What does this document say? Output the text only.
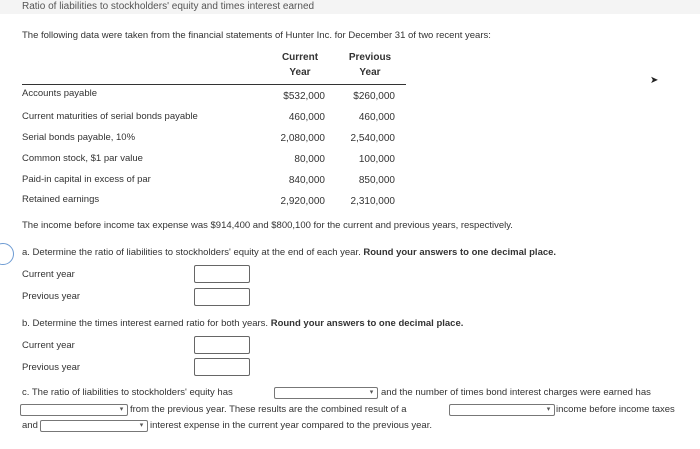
Ratio of liabilities to stockholders' equity and times interest earned
The following data were taken from the financial statements of Hunter Inc. for December 31 of two recent years:
Current
Year
Previous
Year
Accounts payable	$532,000	$260,000
Current maturities of serial bonds payable	460,000	460,000
Serial bonds payable, 10%	2,080,000	2,540,000
Common stock, $1 par value	80,000	100,000
Paid-in capital in excess of par	840,000	850,000
Retained earnings	2,920,000	2,310,000
The income before income tax expense was $914,400 and $800,100 for the current and previous years, respectively.
a. Determine the ratio of liabilities to stockholders' equity at the end of each year. Round your answers to one decimal place.
Current year
Previous year
b. Determine the times interest earned ratio for both years. Round your answers to one decimal place.
Current year
Previous year
c. The ratio of liabilities to stockholders' equity has	▾ and the number of times bond interest charges were earned has
▾ from the previous year. These results are the combined result of a	▾ income before income taxes
and	▾ interest expense in the current year compared to the previous year.
➤
